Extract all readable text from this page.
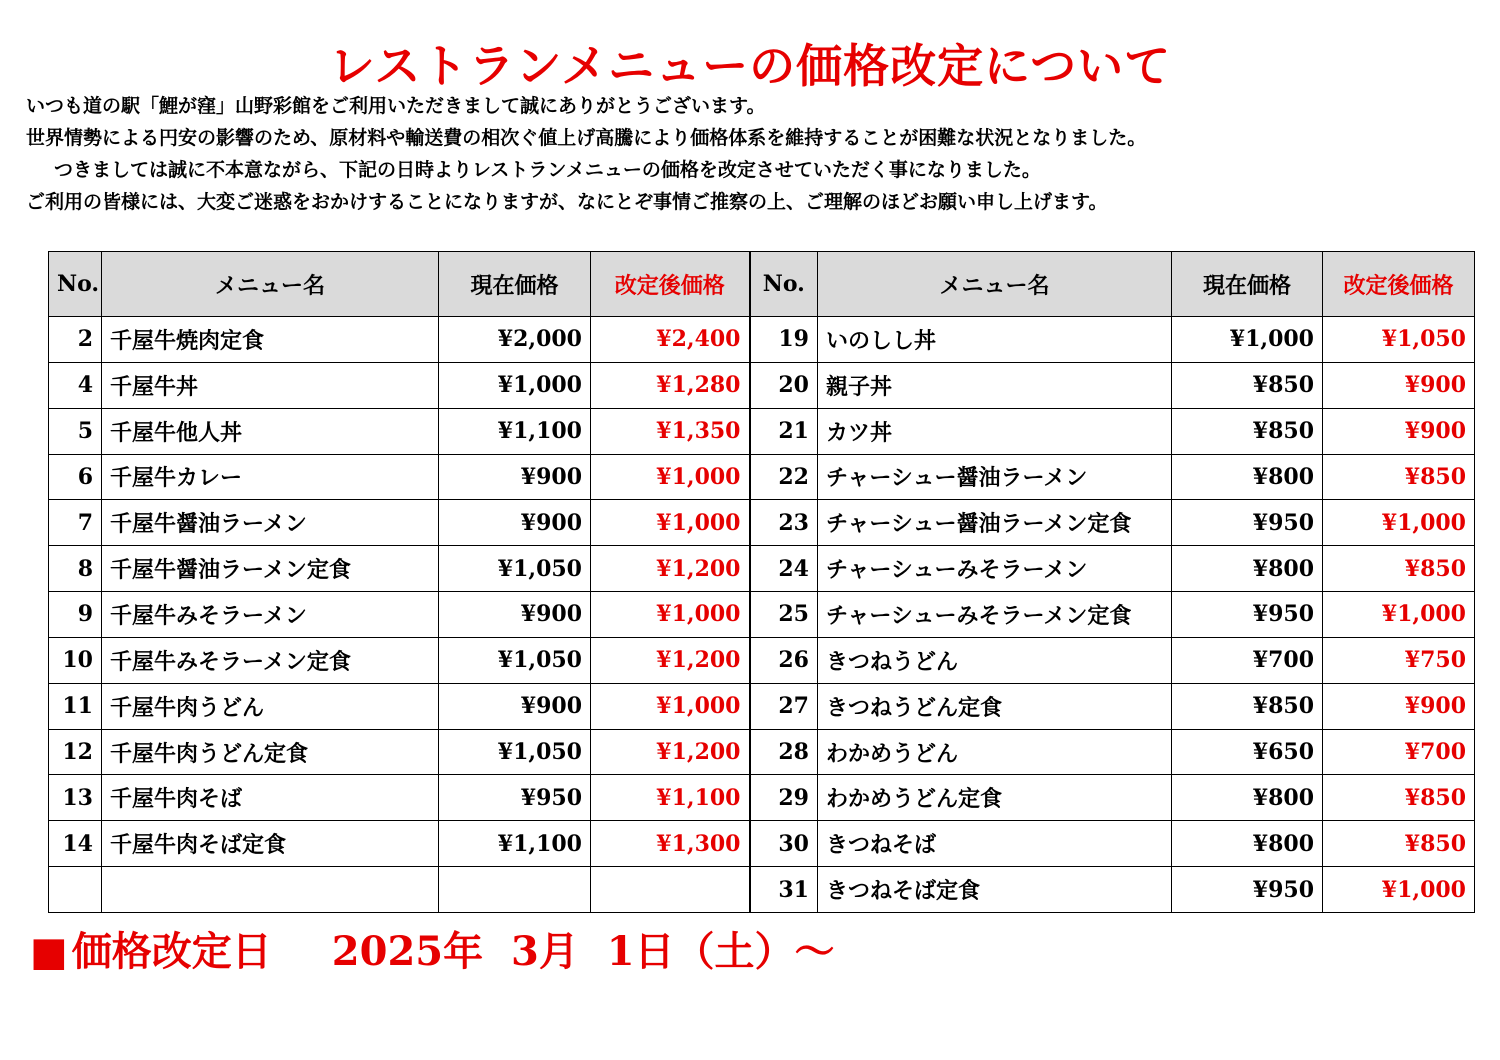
レストランメニューの価格改定について
いつも道の駅「鯉が窪」山野彩館をご利用いただきまして誠にありがとうございます。
世界情勢による円安の影響のため、原材料や輸送費の相次ぐ値上げ高騰により価格体系を維持することが困難な状況となりました。
つきましては誠に不本意ながら、下記の日時よりレストランメニューの価格を改定させていただく事になりました。
ご利用の皆様には、大変ご迷惑をおかけすることになりますが、なにとぞ事情ご推察の上、ご理解のほどお願い申し上げます。
No.	メニュー名	現在価格	改定後価格	No.	メニュー名	現在価格	改定後価格
2	千屋牛焼肉定食	¥2,000	¥2,400	19	いのしし丼	¥1,000	¥1,050
4	千屋牛丼	¥1,000	¥1,280	20	親子丼	¥850	¥900
5	千屋牛他人丼	¥1,100	¥1,350	21	カツ丼	¥850	¥900
6	千屋牛カレー	¥900	¥1,000	22	チャーシュー醤油ラーメン	¥800	¥850
7	千屋牛醤油ラーメン	¥900	¥1,000	23	チャーシュー醤油ラーメン定食	¥950	¥1,000
8	千屋牛醤油ラーメン定食	¥1,050	¥1,200	24	チャーシューみそラーメン	¥800	¥850
9	千屋牛みそラーメン	¥900	¥1,000	25	チャーシューみそラーメン定食	¥950	¥1,000
10	千屋牛みそラーメン定食	¥1,050	¥1,200	26	きつねうどん	¥700	¥750
11	千屋牛肉うどん	¥900	¥1,000	27	きつねうどん定食	¥850	¥900
12	千屋牛肉うどん定食	¥1,050	¥1,200	28	わかめうどん	¥650	¥700
13	千屋牛肉そば	¥950	¥1,100	29	わかめうどん定食	¥800	¥850
14	千屋牛肉そば定食	¥1,100	¥1,300	30	きつねそば	¥800	¥850
				31	きつねそば定食	¥950	¥1,000
■ 価格改定日 2025年 3月 1日（土）～
